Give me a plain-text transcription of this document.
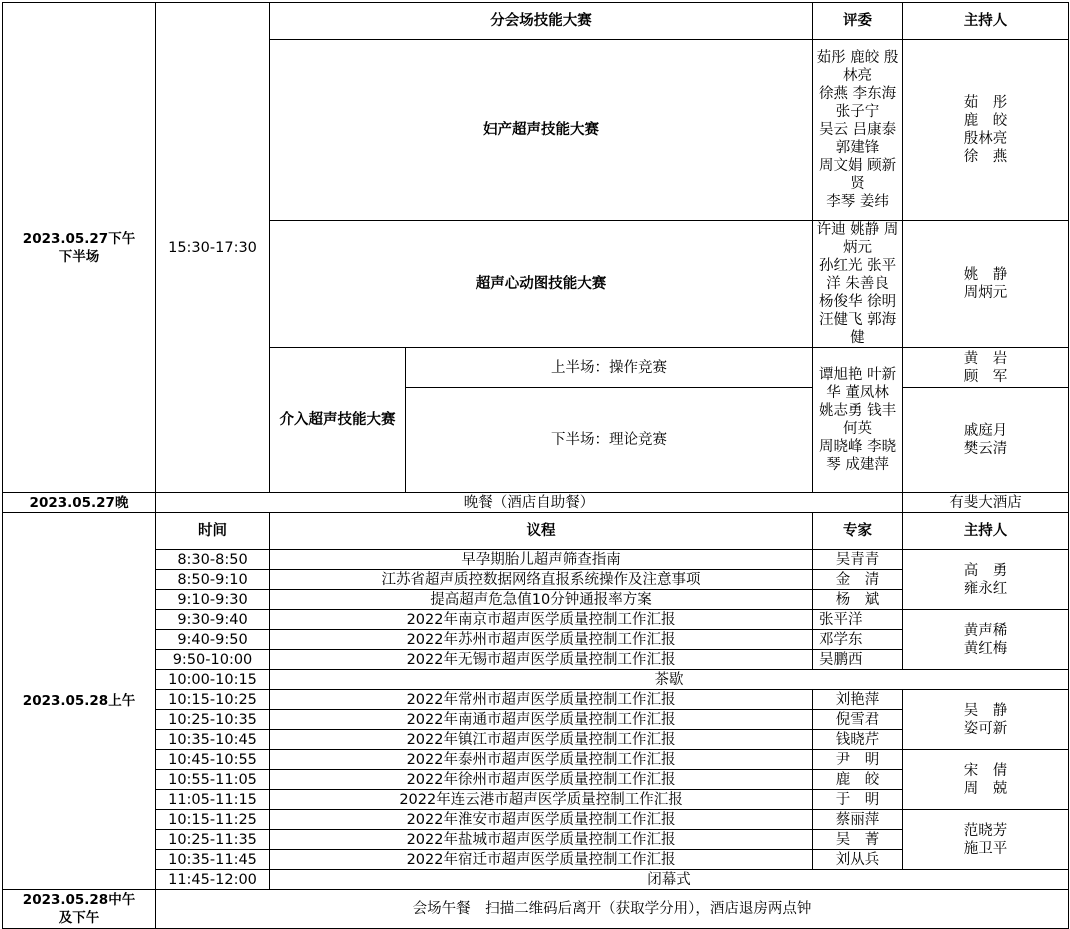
2023.05.27下午
下半场	15:30-17:30	分会场技能大赛		评委	主持人	
		妇产超声技能大赛		茹彤 鹿皎 殷林亮
徐燕 李东海 张子宁
吴云 吕康泰 郭建锋
周文娟 顾新贤
李琴 姜纬	茹　彤
鹿　皎
殷林亮
徐　燕	
		超声心动图技能大赛		许迪 姚静 周炳元
孙红光 张平洋 朱善良
杨俊华 徐明
汪健飞 郭海健	姚　静
周炳元	
		介入超声技能大赛	上半场：操作竞赛	谭旭艳 叶新华 董凤林
姚志勇 钱丰 何英
周晓峰 李晓琴 成建萍	黄　岩
顾　军	

			下半场：理论竞赛		戚庭月
樊云清	

2023.05.27晚	晚餐（酒店自助餐）				有斐大酒店	
2023.05.28上午	时间	议程		专家	主持人	
	8:30-8:50	早孕期胎儿超声筛查指南		吴青青	高　勇
雍永红	
	8:50-9:10	江苏省超声质控数据网络直报系统操作及注意事项		金　清		
	9:10-9:30	提高超声危急值10分钟通报率方案		杨　斌		
	9:30-9:40	2022年南京市超声医学质量控制工作汇报		张平洋	黄声稀
黄红梅	
	9:40-9:50	2022年苏州市超声医学质量控制工作汇报		邓学东		
	9:50-10:00	2022年无锡市超声医学质量控制工作汇报		吴鹏西		
	10:00-10:15	茶歇				
	10:15-10:25	2022年常州市超声医学质量控制工作汇报		刘艳萍	吴　静
姿可新	
	10:25-10:35	2022年南通市超声医学质量控制工作汇报		倪雪君		
	10:35-10:45	2022年镇江市超声医学质量控制工作汇报		钱晓芹		
	10:45-10:55	2022年泰州市超声医学质量控制工作汇报		尹　明	宋　倩
周　兢	
	10:55-11:05	2022年徐州市超声医学质量控制工作汇报		鹿　皎		
	11:05-11:15	2022年连云港市超声医学质量控制工作汇报		于　明		
	10:15-11:25	2022年淮安市超声医学质量控制工作汇报		蔡丽萍	范晓芳
施卫平	
	10:25-11:35	2022年盐城市超声医学质量控制工作汇报		吴　菁		
	10:35-11:45	2022年宿迁市超声医学质量控制工作汇报		刘从兵		
	11:45-12:00	闭幕式				
2023.05.28中午
及下午	会场午餐　扫描二维码后离开（获取学分用），酒店退房两点钟					
